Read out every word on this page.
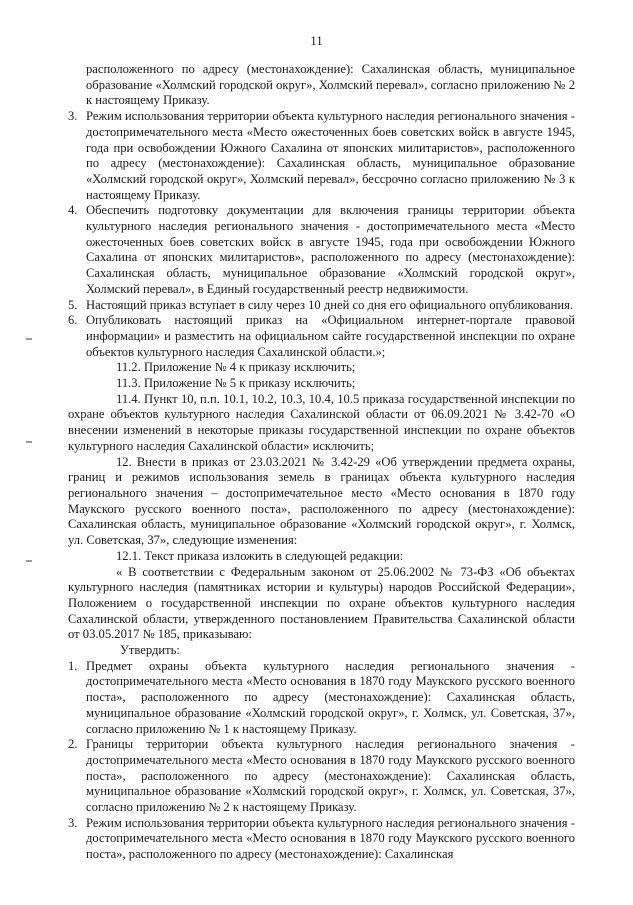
11

расположенного по адресу (местонахождение): Сахалинская область, муниципальное образование «Холмский городской округ», Холмский перевал», согласно приложению № 2 к настоящему Приказу.

3. Режим использования территории объекта культурного наследия регионального значения - достопримечательного места «Место ожесточенных боев советских войск в августе 1945, года при освобождении Южного Сахалина от японских милитаристов», расположенного по адресу (местонахождение): Сахалинская область, муниципальное образование «Холмский городской округ», Холмский перевал», бессрочно согласно приложению № 3 к настоящему Приказу.
4. Обеспечить подготовку документации для включения границы территории объекта культурного наследия регионального значения - достопримечательного места «Место ожесточенных боев советских войск в августе 1945, года при освобождении Южного Сахалина от японских милитаристов», расположенного по адресу (местонахождение): Сахалинская область, муниципальное образование «Холмский городской округ», Холмский перевал», в Единый государственный реестр недвижимости.
5. Настоящий приказ вступает в силу через 10 дней со дня его официального опубликования.
6. Опубликовать настоящий приказ на «Официальном интернет-портале правовой информации» и разместить на официальном сайте государственной инспекции по охране объектов культурного наследия Сахалинской области.»;

11.2. Приложение № 4 к приказу исключить;

11.3. Приложение № 5 к приказу исключить;

11.4. Пункт 10, п.п. 10.1, 10.2, 10.3, 10.4, 10.5 приказа государственной инспекции по охране объектов культурного наследия Сахалинской области от 06.09.2021 № 3.42-70 «О внесении изменений в некоторые приказы государственной инспекции по охране объектов культурного наследия Сахалинской области» исключить;

12. Внести в приказ от 23.03.2021 № 3.42-29 «Об утверждении предмета охраны, границ и режимов использования земель в границах объекта культурного наследия регионального значения – достопримечательное место «Место основания в 1870 году Маукского русского военного поста», расположенного по адресу (местонахождение): Сахалинская область, муниципальное образование «Холмский городской округ», г. Холмск, ул. Советская, 37», следующие изменения:

12.1. Текст приказа изложить в следующей редакции:

« В соответствии с Федеральным законом от 25.06.2002 № 73-ФЗ «Об объектах культурного наследия (памятниках истории и культуры) народов Российской Федерации», Положением о государственной инспекции по охране объектов культурного наследия Сахалинской области, утвержденного постановлением Правительства Сахалинской области от 03.05.2017 № 185, приказываю:

Утвердить:

1. Предмет охраны объекта культурного наследия регионального значения - достопримечательного места «Место основания в 1870 году Маукского русского военного поста», расположенного по адресу (местонахождение): Сахалинская область, муниципальное образование «Холмский городской округ», г. Холмск, ул. Советская, 37», согласно приложению № 1 к настоящему Приказу.
2. Границы территории объекта культурного наследия регионального значения - достопримечательного места «Место основания в 1870 году Маукского русского военного поста», расположенного по адресу (местонахождение): Сахалинская область, муниципальное образование «Холмский городской округ», г. Холмск, ул. Советская, 37», согласно приложению № 2 к настоящему Приказу.
3. Режим использования территории объекта культурного наследия регионального значения - достопримечательного места «Место основания в 1870 году Маукского русского военного поста», расположенного по адресу (местонахождение): Сахалинская
